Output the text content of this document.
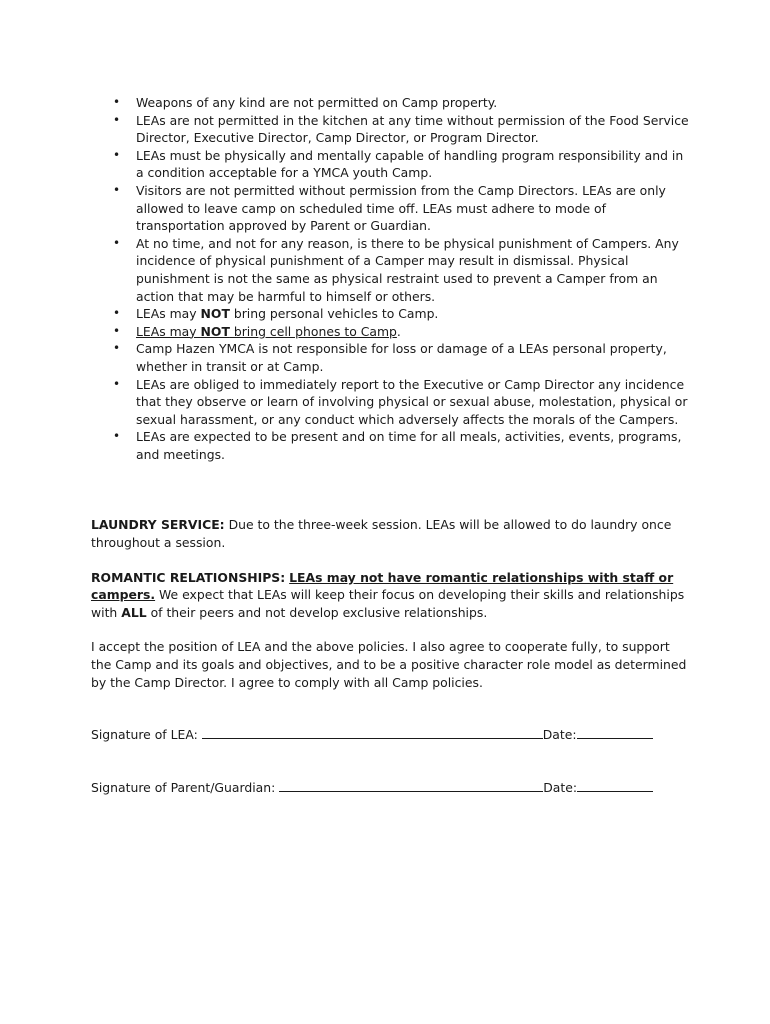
• Weapons of any kind are not permitted on Camp property.
• LEAs are not permitted in the kitchen at any time without permission of the Food Service Director, Executive Director, Camp Director, or Program Director.
• LEAs must be physically and mentally capable of handling program responsibility and in a condition acceptable for a YMCA youth Camp.
• Visitors are not permitted without permission from the Camp Directors. LEAs are only allowed to leave camp on scheduled time off. LEAs must adhere to mode of transportation approved by Parent or Guardian.
• At no time, and not for any reason, is there to be physical punishment of Campers. Any incidence of physical punishment of a Camper may result in dismissal. Physical punishment is not the same as physical restraint used to prevent a Camper from an action that may be harmful to himself or others.
• LEAs may NOT bring personal vehicles to Camp.
• LEAs may NOT bring cell phones to Camp.
• Camp Hazen YMCA is not responsible for loss or damage of a LEAs personal property, whether in transit or at Camp.
• LEAs are obliged to immediately report to the Executive or Camp Director any incidence that they observe or learn of involving physical or sexual abuse, molestation, physical or sexual harassment, or any conduct which adversely affects the morals of the Campers.
• LEAs are expected to be present and on time for all meals, activities, events, programs, and meetings.

LAUNDRY SERVICE: Due to the three-week session. LEAs will be allowed to do laundry once throughout a session.

ROMANTIC RELATIONSHIPS: LEAs may not have romantic relationships with staff or campers. We expect that LEAs will keep their focus on developing their skills and relationships with ALL of their peers and not develop exclusive relationships.

I accept the position of LEA and the above policies. I also agree to cooperate fully, to support the Camp and its goals and objectives, and to be a positive character role model as determined by the Camp Director. I agree to comply with all Camp policies.

Signature of LEA:	Date:
Signature of Parent/Guardian:	Date:
